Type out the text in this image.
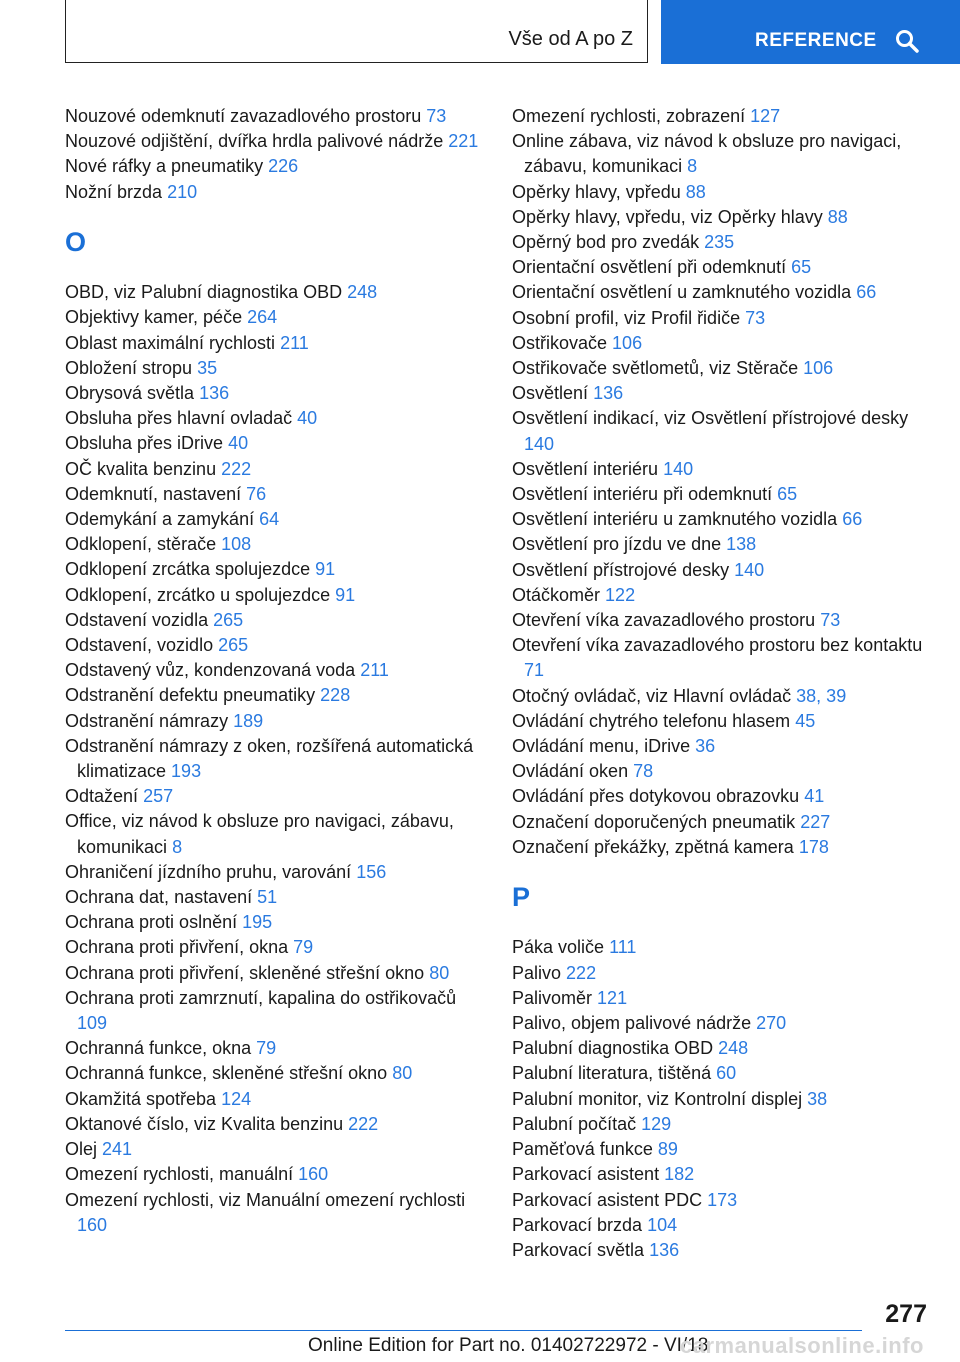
Vše od A po Z	REFERENCE
Nouzové odemknutí zavazadlového prostoru 73
Nouzové odjištění, dvířka hrdla palivové nádrže 221
Nové ráfky a pneumatiky 226
Nožní brzda 210
O
OBD, viz Palubní diagnostika OBD 248
Objektivy kamer, péče 264
Oblast maximální rychlosti 211
Obložení stropu 35
Obrysová světla 136
Obsluha přes hlavní ovladač 40
Obsluha přes iDrive 40
OČ kvalita benzinu 222
Odemknutí, nastavení 76
Odemykání a zamykání 64
Odklopení, stěrače 108
Odklopení zrcátka spolujezdce 91
Odklopení, zrcátko u spolujezdce 91
Odstavení vozidla 265
Odstavení, vozidlo 265
Odstavený vůz, kondenzovaná voda 211
Odstranění defektu pneumatiky 228
Odstranění námrazy 189
Odstranění námrazy z oken, rozšířená automatická klimatizace 193
Odtažení 257
Office, viz návod k obsluze pro navigaci, zábavu, komunikaci 8
Ohraničení jízdního pruhu, varování 156
Ochrana dat, nastavení 51
Ochrana proti oslnění 195
Ochrana proti přivření, okna 79
Ochrana proti přivření, skleněné střešní okno 80
Ochrana proti zamrznutí, kapalina do ostřikovačů 109
Ochranná funkce, okna 79
Ochranná funkce, skleněné střešní okno 80
Okamžitá spotřeba 124
Oktanové číslo, viz Kvalita benzinu 222
Olej 241
Omezení rychlosti, manuální 160
Omezení rychlosti, viz Manuální omezení rychlosti 160
Omezení rychlosti, zobrazení 127
Online zábava, viz návod k obsluze pro navigaci, zábavu, komunikaci 8
Opěrky hlavy, vpředu 88
Opěrky hlavy, vpředu, viz Opěrky hlavy 88
Opěrný bod pro zvedák 235
Orientační osvětlení při odemknutí 65
Orientační osvětlení u zamknutého vozidla 66
Osobní profil, viz Profil řidiče 73
Ostřikovače 106
Ostřikovače světlometů, viz Stěrače 106
Osvětlení 136
Osvětlení indikací, viz Osvětlení přístrojové desky 140
Osvětlení interiéru 140
Osvětlení interiéru při odemknutí 65
Osvětlení interiéru u zamknutého vozidla 66
Osvětlení pro jízdu ve dne 138
Osvětlení přístrojové desky 140
Otáčkoměr 122
Otevření víka zavazadlového prostoru 73
Otevření víka zavazadlového prostoru bez kontaktu 71
Otočný ovládač, viz Hlavní ovládač 38, 39
Ovládání chytrého telefonu hlasem 45
Ovládání menu, iDrive 36
Ovládání oken 78
Ovládání přes dotykovou obrazovku 41
Označení doporučených pneumatik 227
Označení překážky, zpětná kamera 178
P
Páka voliče 111
Palivo 222
Palivoměr 121
Palivo, objem palivové nádrže 270
Palubní diagnostika OBD 248
Palubní literatura, tištěná 60
Palubní monitor, viz Kontrolní displej 38
Palubní počítač 129
Paměťová funkce 89
Parkovací asistent 182
Parkovací asistent PDC 173
Parkovací brzda 104
Parkovací světla 136
277
Online Edition for Part no. 01402722972 - VI/18
carmanualsonline.info
